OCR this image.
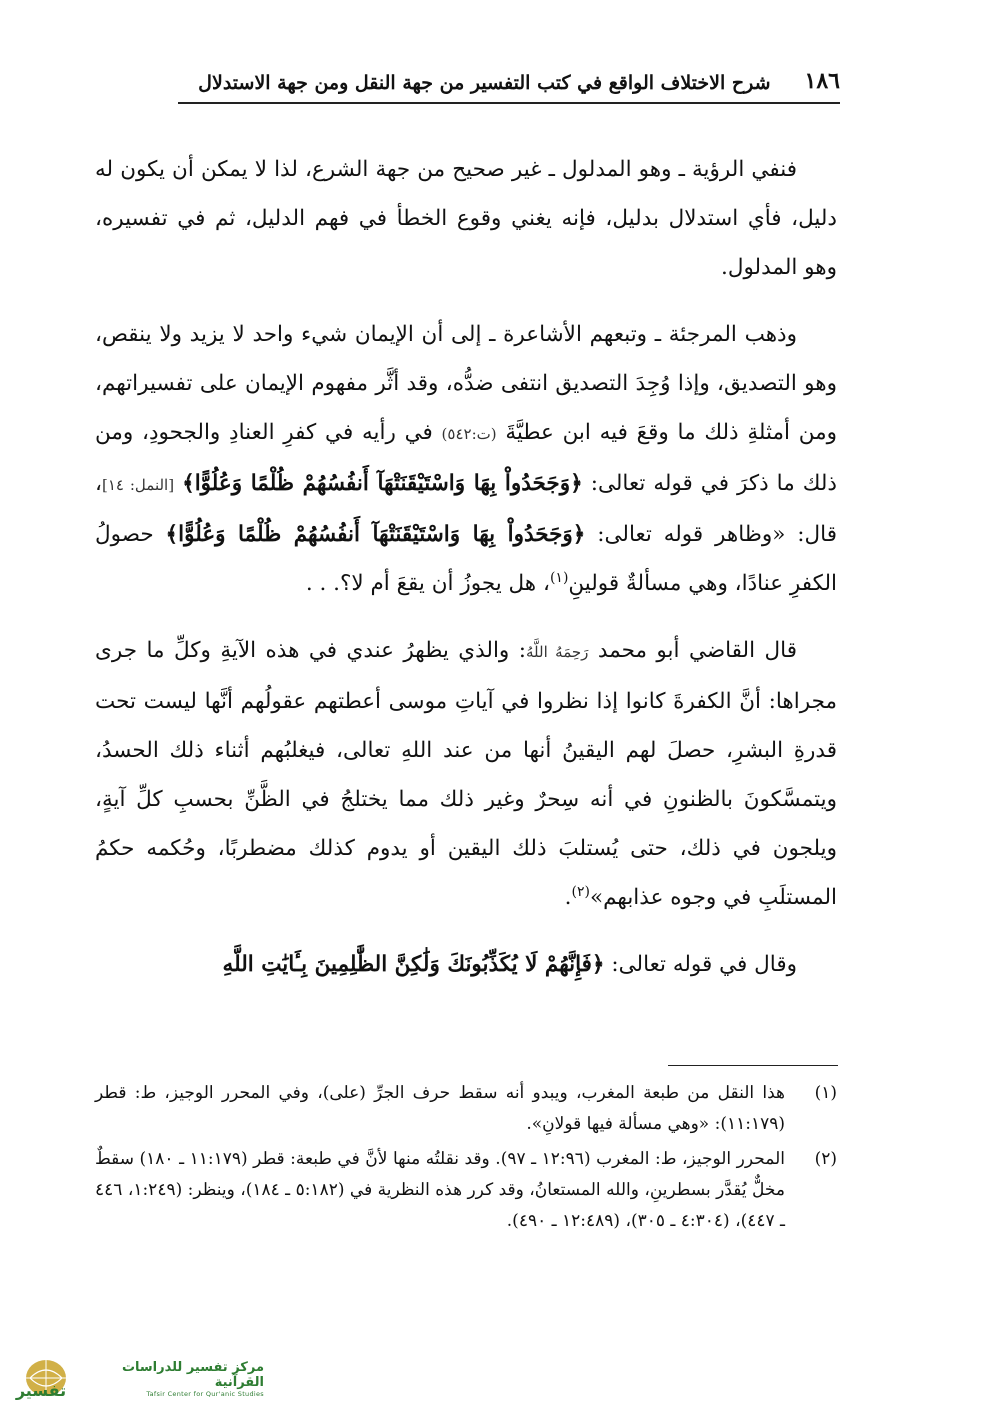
١٨٦
شرح الاختلاف الواقع في كتب التفسير من جهة النقل ومن جهة الاستدلال

فنفي الرؤية ـ وهو المدلول ـ غير صحيح من جهة الشرع، لذا لا يمكن أن يكون له دليل، فأي استدلال بدليل، فإنه يغني وقوع الخطأ في فهم الدليل، ثم في تفسيره، وهو المدلول.

وذهب المرجئة ـ وتبعهم الأشاعرة ـ إلى أن الإيمان شيء واحد لا يزيد ولا ينقص، وهو التصديق، وإذا وُجِدَ التصديق انتفى ضدُّه، وقد أثَّر مفهوم الإيمان على تفسيراتهم، ومن أمثلةِ ذلك ما وقعَ فيه ابن عطيَّةَ (ت:٥٤٢) في رأيه في كفرِ العنادِ والجحودِ، ومن ذلك ما ذكرَ في قوله تعالى: ﴿وَجَحَدُواْ بِهَا وَاسْتَيْقَنَتْهَآ أَنفُسُهُمْ ظُلْمًا وَعُلُوًّا﴾ [النمل: ١٤]، قال: «وظاهر قوله تعالى: ﴿وَجَحَدُواْ بِهَا وَاسْتَيْقَنَتْهَآ أَنفُسُهُمْ ظُلْمًا وَعُلُوًّا﴾ حصولُ الكفرِ عنادًا، وهي مسألةٌ قولينِ$^{(١)}$، هل يجوزُ أن يقعَ أم لا؟. . .

قال القاضي أبو محمد رَحِمَهُ اللَّهُ: والذي يظهرُ عندي في هذه الآيةِ وكلِّ ما جرى مجراها: أنَّ الكفرةَ كانوا إذا نظروا في آياتِ موسى أعطتهم عقولُهم أنَّها ليست تحت قدرةِ البشرِ، حصلَ لهم اليقينُ أنها من عند اللهِ تعالى، فيغلبُهم أثناء ذلك الحسدُ، ويتمسَّكونَ بالظنونِ في أنه سِحرٌ وغير ذلك مما يختلجُ في الظَّنِّ بحسبِ كلِّ آيةٍ، ويلجون في ذلك، حتى يُستلبَ ذلك اليقين أو يدوم كذلك مضطربًا، وحُكمه حكمُ المستلَبِ في وجوه عذابهم»$^{(٢)}$.

وقال في قوله تعالى: ﴿فَإِنَّهُمْ لَا يُكَذِّبُونَكَ وَلَٰكِنَّ الظَّٰلِمِينَ بِـَٔايَٰتِ اللَّهِ

(١)
هذا النقل من طبعة المغرب، ويبدو أنه سقط حرف الجرِّ (على)، وفي المحرر الوجيز، ط: قطر (١١:١٧٩): «وهي مسألة فيها قولانِ».
(٢)
المحرر الوجيز، ط: المغرب (١٢:٩٦ ـ ٩٧). وقد نقلتُه منها لأنَّ في طبعة: قطر (١١:١٧٩ ـ ١٨٠) سقطٌ مخلٌّ يُقدَّر بسطرينِ، والله المستعانُ، وقد كرر هذه النظرية في (٥:١٨٢ ـ ١٨٤)، وينظر: (١:٢٤٩، ٤٤٦ ـ ٤٤٧)، (٤:٣٠٤ ـ ٣٠٥)، (١٢:٤٨٩ ـ ٤٩٠).
تفسير
مركز تفسير للدراسات القرآنية
Tafsir Center for Qur'anic Studies
